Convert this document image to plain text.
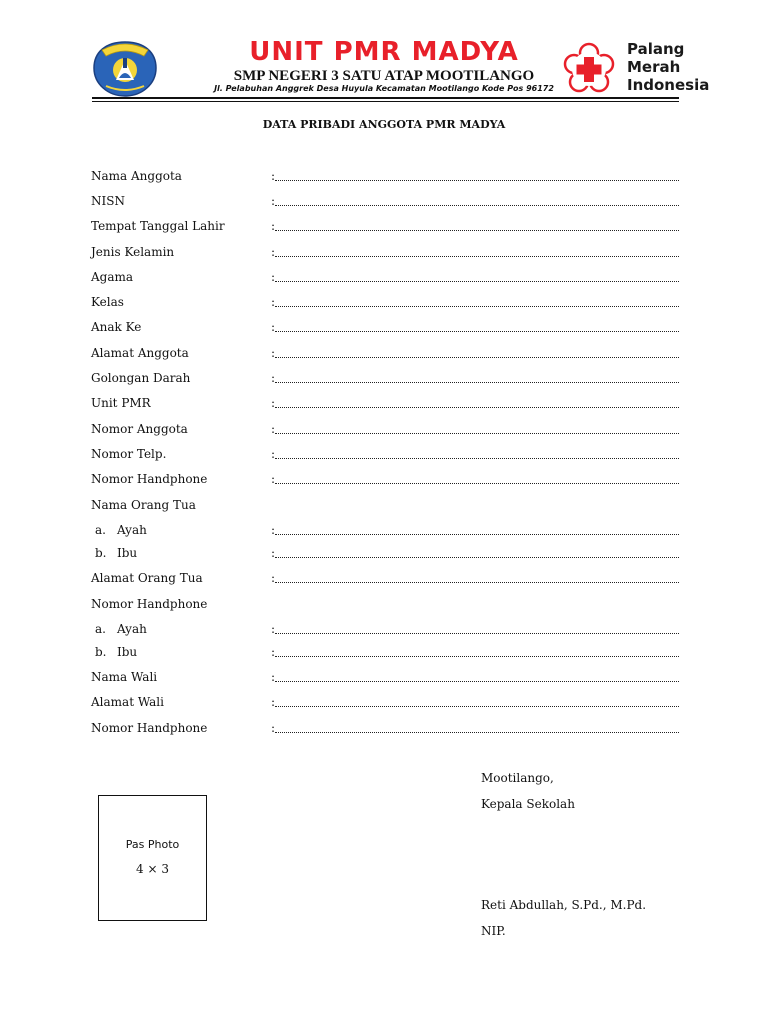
UNIT PMR MADYA
SMP NEGERI 3 SATU ATAP MOOTILANGO
Jl. Pelabuhan Anggrek Desa Huyula Kecamatan Mootilango Kode Pos 96172
Palang
Merah
Indonesia
DATA PRIBADI ANGGOTA PMR MADYA
Nama Anggota	:
NISN	:
Tempat Tanggal Lahir	:
Jenis Kelamin	:
Agama	:
Kelas	:
Anak Ke	:
Alamat Anggota	:
Golongan Darah	:
Unit PMR	:
Nomor Anggota	:
Nomor Telp.	:
Nomor Handphone	:
Nama Orang Tua
a. Ayah	:
b. Ibu	:
Alamat Orang Tua	:
Nomor Handphone
a. Ayah	:
b. Ibu	:
Nama Wali	:
Alamat Wali	:
Nomor Handphone	:
Mootilango,
Kepala Sekolah
Reti Abdullah, S.Pd., M.Pd.
NIP.
Pas Photo
4 × 3
